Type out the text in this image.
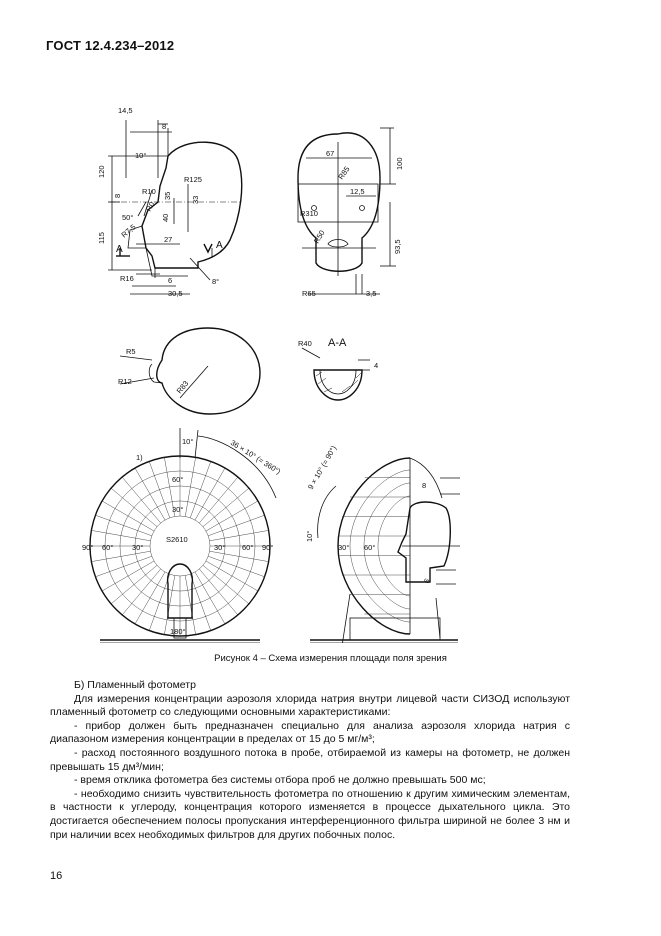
ГОСТ 12.4.234–2012
14,5
8
10°
120
R125
8	33
R10 35
50°
R0
40
115 R7,5	27
A	A
R16	6
30,5
8°
67
R85
100
12,5
R310
R50
93,5
R65	3,5
R5
R12	R83
А-А
R40
4
10°	36 × 10° (= 360°)
1)
60°
30°
90° 60° 30°
S2610
30° 60° 90°
180°
9 × 10° (= 90°)	8
10°
30° 60°
6
Рисунок 4 – Схема измерения площади поля зрения

Б) Пламенный фотометр

Для измерения концентрации аэрозоля хлорида натрия внутри лицевой части СИЗОД используют пламенный фотометр со следующими основными характеристиками:

- прибор должен быть предназначен специально для анализа аэрозоля хлорида натрия с диапазоном измерения концентрации в пределах от 15 до 5 мг/м³;

- расход постоянного воздушного потока в пробе, отбираемой из камеры на фотометр, не должен превышать 15 дм³/мин;

- время отклика фотометра без системы отбора проб не должно превышать 500 мс;

- необходимо снизить чувствительность фотометра по отношению к другим химическим элементам, в частности к углероду, концентрация которого изменяется в процессе дыхательного цикла. Это достигается обеспечением полосы пропускания интерференционного фильтра шириной не более 3 нм и при наличии всех необходимых фильтров для других побочных полос.

16
